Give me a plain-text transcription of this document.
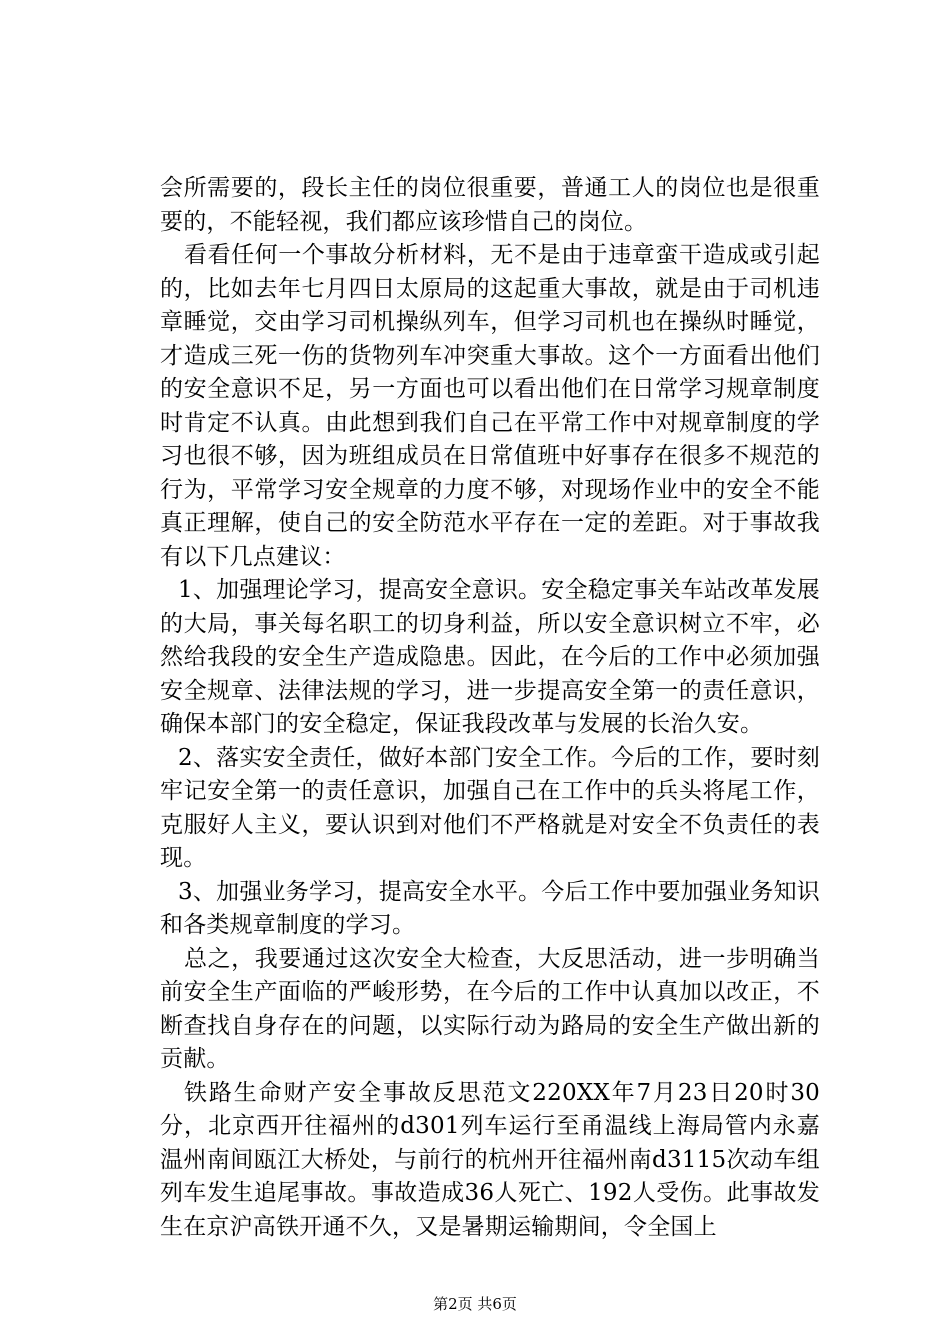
会所需要的，段长主任的岗位很重要，普通工人的岗位也是很重要的，不能轻视，我们都应该珍惜自己的岗位。

看看任何一个事故分析材料，无不是由于违章蛮干造成或引起的，比如去年七月四日太原局的这起重大事故，就是由于司机违章睡觉，交由学习司机操纵列车，但学习司机也在操纵时睡觉，才造成三死一伤的货物列车冲突重大事故。这个一方面看出他们的安全意识不足，另一方面也可以看出他们在日常学习规章制度时肯定不认真。由此想到我们自己在平常工作中对规章制度的学习也很不够，因为班组成员在日常值班中好事存在很多不规范的行为，平常学习安全规章的力度不够，对现场作业中的安全不能真正理解，使自己的安全防范水平存在一定的差距。对于事故我有以下几点建议：

1、加强理论学习，提高安全意识。安全稳定事关车站改革发展的大局，事关每名职工的切身利益，所以安全意识树立不牢，必然给我段的安全生产造成隐患。因此，在今后的工作中必须加强安全规章、法律法规的学习，进一步提高安全第一的责任意识，确保本部门的安全稳定，保证我段改革与发展的长治久安。

2、落实安全责任，做好本部门安全工作。今后的工作，要时刻牢记安全第一的责任意识，加强自己在工作中的兵头将尾工作，克服好人主义，要认识到对他们不严格就是对安全不负责任的表现。

3、加强业务学习，提高安全水平。今后工作中要加强业务知识和各类规章制度的学习。

总之，我要通过这次安全大检查，大反思活动，进一步明确当前安全生产面临的严峻形势，在今后的工作中认真加以改正，不断查找自身存在的问题，以实际行动为路局的安全生产做出新的贡献。

铁路生命财产安全事故反思范文220XX年7月23日20时30分，北京西开往福州的d301列车运行至甬温线上海局管内永嘉温州南间瓯江大桥处，与前行的杭州开往福州南d3115次动车组列车发生追尾事故。事故造成36人死亡、192人受伤。此事故发生在京沪高铁开通不久，又是暑期运输期间，令全国上

第2页 共6页
